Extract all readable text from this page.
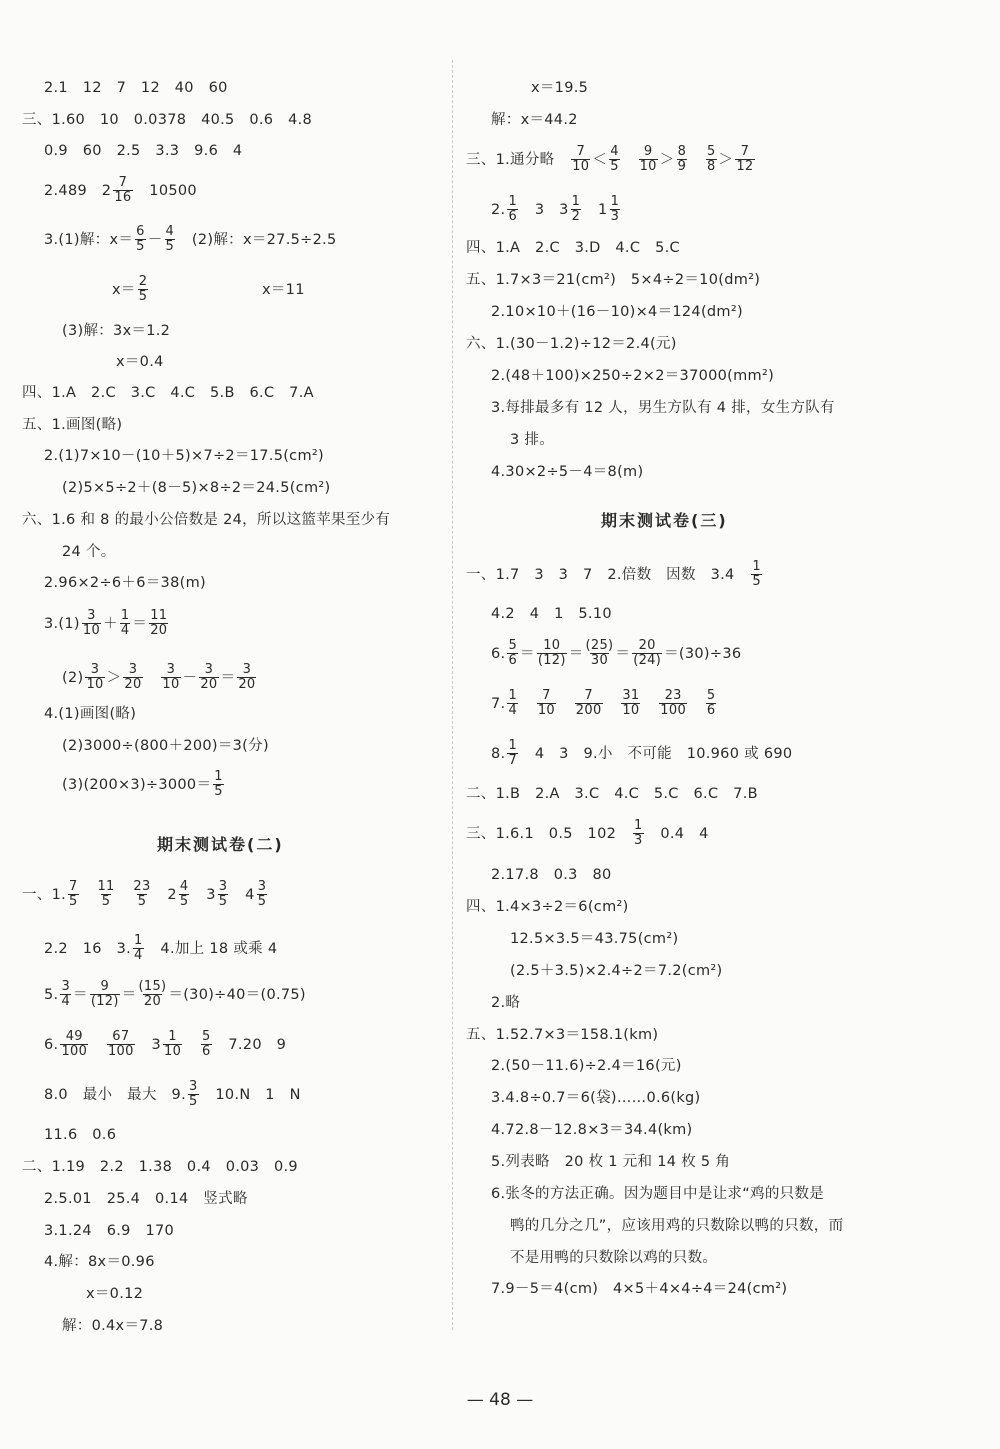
2.1　12　7　12　40　60
三、1.60　10　0.0378　40.5　0.6　4.8
0.9　60　2.5　3.3　9.6　4
2.489　$2 \frac{7}{16}$ 　10500
3.(1)解：$x= \frac{6}{5} - \frac{4}{5}$ 　(2)解：x＝27.5÷2.5
$x= \frac{2}{5}$	x＝11
(3)解：3x＝1.2
x＝0.4
四、1.A　2.C　3.C　4.C　5.B　6.C　7.A
五、1.画图(略)
2.(1)7×10－(10＋5)×7÷2＝17.5(cm²)
(2)5×5÷2＋(8－5)×8÷2＝24.5(cm²)
六、1.6 和 8 的最小公倍数是 24，所以这篮苹果至少有
24 个。
2.96×2÷6＋6＝38(m)
$3.(1) \frac{3}{10} + \frac{1}{4} = \frac{11}{20}$
$(2) \frac{3}{10} > \frac{3}{20}$
　 $\frac{3}{10} - \frac{3}{20} = \frac{3}{20}$
4.(1)画图(略)
(2)3000÷(800＋200)＝3(分)
$(3)(200\times 3)\div 3000= \frac{1}{5}$
期末测试卷(二)
一、1. $\frac{7}{5}$
　 $\frac{11}{5}$
　 $\frac{23}{5}$ 　$2 \frac{4}{5}$ 　$3 \frac{3}{5}$ 　$4 \frac{3}{5}$
2.2　16　3. $\frac{1}{4}$ 　4.加上 18 或乘 4
5. $\frac{3}{4} = \frac{9}{(12)} = \frac{(15)}{20} =(30)\div 40=(0.75)$
6. $\frac{49}{100}$
　 $\frac{67}{100}$ 　$3 \frac{1}{10}$
　 $\frac{5}{6}$ 　7.20　9
8.0　最小　最大　9. $\frac{3}{5}$ 　10.N　1　N
11.6　0.6
二、1.19　2.2　1.38　0.4　0.03　0.9
2.5.01　25.4　0.14　竖式略
3.1.24　6.9　170
4.解：8x＝0.96
x＝0.12
解：0.4x＝7.8
x＝19.5
解：x＝44.2
三、1.通分略　 $\frac{7}{10} < \frac{4}{5}$
　 $\frac{9}{10} > \frac{8}{9}$
　 $\frac{5}{8} > \frac{7}{12}$
2. $\frac{1}{6}$ 　3　$3 \frac{1}{2}$ 　$1 \frac{1}{3}$
四、1.A　2.C　3.D　4.C　5.C
五、1.7×3＝21(cm²)　5×4÷2＝10(dm²)
2.10×10＋(16－10)×4＝124(dm²)
六、1.(30－1.2)÷12＝2.4(元)
2.(48＋100)×250÷2×2＝37000(mm²)
3.每排最多有 12 人，男生方队有 4 排，女生方队有
3 排。
4.30×2÷5－4＝8(m)
期末测试卷(三)
一、1.7　3　3　7　2.倍数　因数　3.4　 $\frac{1}{5}$
4.2　4　1　5.10
6. $\frac{5}{6} = \frac{10}{(12)} = \frac{(25)}{30} = \frac{20}{(24)} =(30)\div 36$
7. $\frac{1}{4}$
　 $\frac{7}{10}$
　 $\frac{7}{200}$
　 $\frac{31}{10}$
　 $\frac{23}{100}$
　 $\frac{5}{6}$
8. $\frac{1}{7}$ 　4　3　9.小　不可能　10.960 或 690
二、1.B　2.A　3.C　4.C　5.C　6.C　7.B
三、1.6.1　0.5　102　 $\frac{1}{3}$ 　0.4　4
2.17.8　0.3　80
四、1.4×3÷2＝6(cm²)
12.5×3.5＝43.75(cm²)
(2.5＋3.5)×2.4÷2＝7.2(cm²)
2.略
五、1.52.7×3＝158.1(km)
2.(50－11.6)÷2.4＝16(元)
3.4.8÷0.7＝6(袋)……0.6(kg)
4.72.8－12.8×3＝34.4(km)
5.列表略　20 枚 1 元和 14 枚 5 角
6.张冬的方法正确。因为题目中是让求“鸡的只数是
鸭的几分之几”，应该用鸡的只数除以鸭的只数，而
不是用鸭的只数除以鸡的只数。
7.9－5＝4(cm)　4×5＋4×4÷4＝24(cm²)
— 48 —
